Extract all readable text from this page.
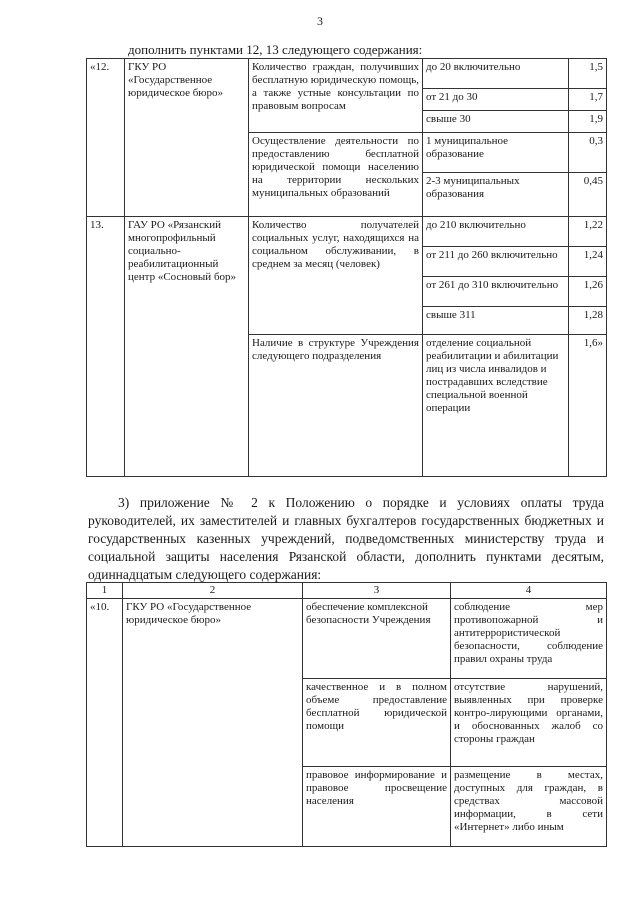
3
дополнить пунктами 12, 13 следующего содержания:
«12.	ГКУ РО «Государственное юридическое бюро»	Количество граждан, получивших бесплатную юридическую помощь, а также устные консультации по правовым вопросам	до 20 включительно	1,5
			от 21 до 30	1,7
			свыше 30	1,9
		Осуществление деятельности по предоставлению бесплатной юридической помощи населению на территории нескольких муниципальных образований	1 муниципальное образование	0,3
			2-3 муниципальных образования	0,45
13.	ГАУ РО «Рязанский многопрофильный социально-реабилитационный центр «Сосновый бор»	Количество получателей социальных услуг, находящихся на социальном обслуживании, в среднем за месяц (человек)	до 210 включительно	1,22
			от 211 до 260 включительно	1,24
			от 261 до 310 включительно	1,26
			свыше 311	1,28
		Наличие в структуре Учреждения следующего подразделения	отделение социальной реабилитации и абилитации лиц из числа инвалидов и пострадавших вследствие специальной военной операции	1,6»
3) приложение № 2 к Положению о порядке и условиях оплаты труда руководителей, их заместителей и главных бухгалтеров государственных бюджетных и государственных казенных учреждений, подведомственных министерству труда и социальной защиты населения Рязанской области, дополнить пунктами десятым, одиннадцатым следующего содержания:
1	2	3	4
«10.	ГКУ РО «Государственное юридическое бюро»	обеспечение комплексной безопасности Учреждения	соблюдение мер противопожарной и антитеррористической безопасности, соблюдение правил охраны труда
		качественное и в полном объеме предоставление бесплатной юридической помощи	отсутствие нарушений, выявленных при проверке контро-лирующими органами, и обоснованных жалоб со стороны граждан
		правовое информирование и правовое просвещение населения	размещение в местах, доступных для граждан, в средствах массовой информации, в сети «Интернет» либо иным
